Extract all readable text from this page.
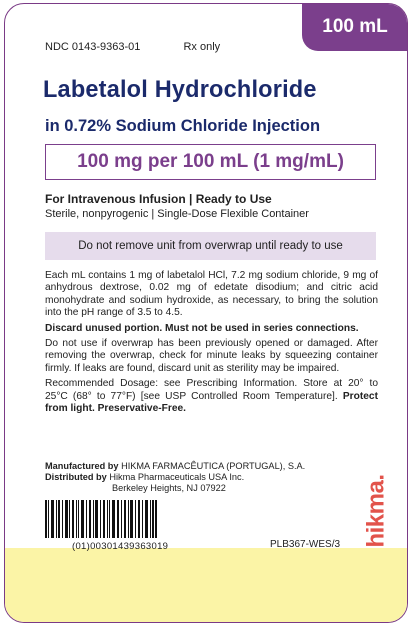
100 mL
NDC 0143-9363-01	Rx only
Labetalol Hydrochloride
in 0.72% Sodium Chloride Injection
100 mg per 100 mL (1 mg/mL)
For Intravenous Infusion | Ready to Use
Sterile, nonpyrogenic | Single-Dose Flexible Container
Do not remove unit from overwrap until ready to use

Each mL contains 1 mg of labetalol HCl, 7.2 mg sodium chloride, 9 mg of anhydrous dextrose, 0.02 mg of edetate disodium; and citric acid monohydrate and sodium hydroxide, as necessary, to bring the solution into the pH range of 3.5 to 4.5.

Discard unused portion. Must not be used in series connections.

Do not use if overwrap has been previously opened or damaged. After removing the overwrap, check for minute leaks by squeezing container firmly. If leaks are found, discard unit as sterility may be impaired.

Recommended Dosage: see Prescribing Information. Store at 20° to 25°C (68° to 77°F) [see USP Controlled Room Temperature]. Protect from light. Preservative-Free.

Manufactured by HIKMA FARMACÊUTICA (PORTUGAL), S.A.
Distributed by Hikma Pharmaceuticals USA Inc.
Berkeley Heights, NJ 07922
(01)00301439363019	PLB367-WES/3 hikma.
